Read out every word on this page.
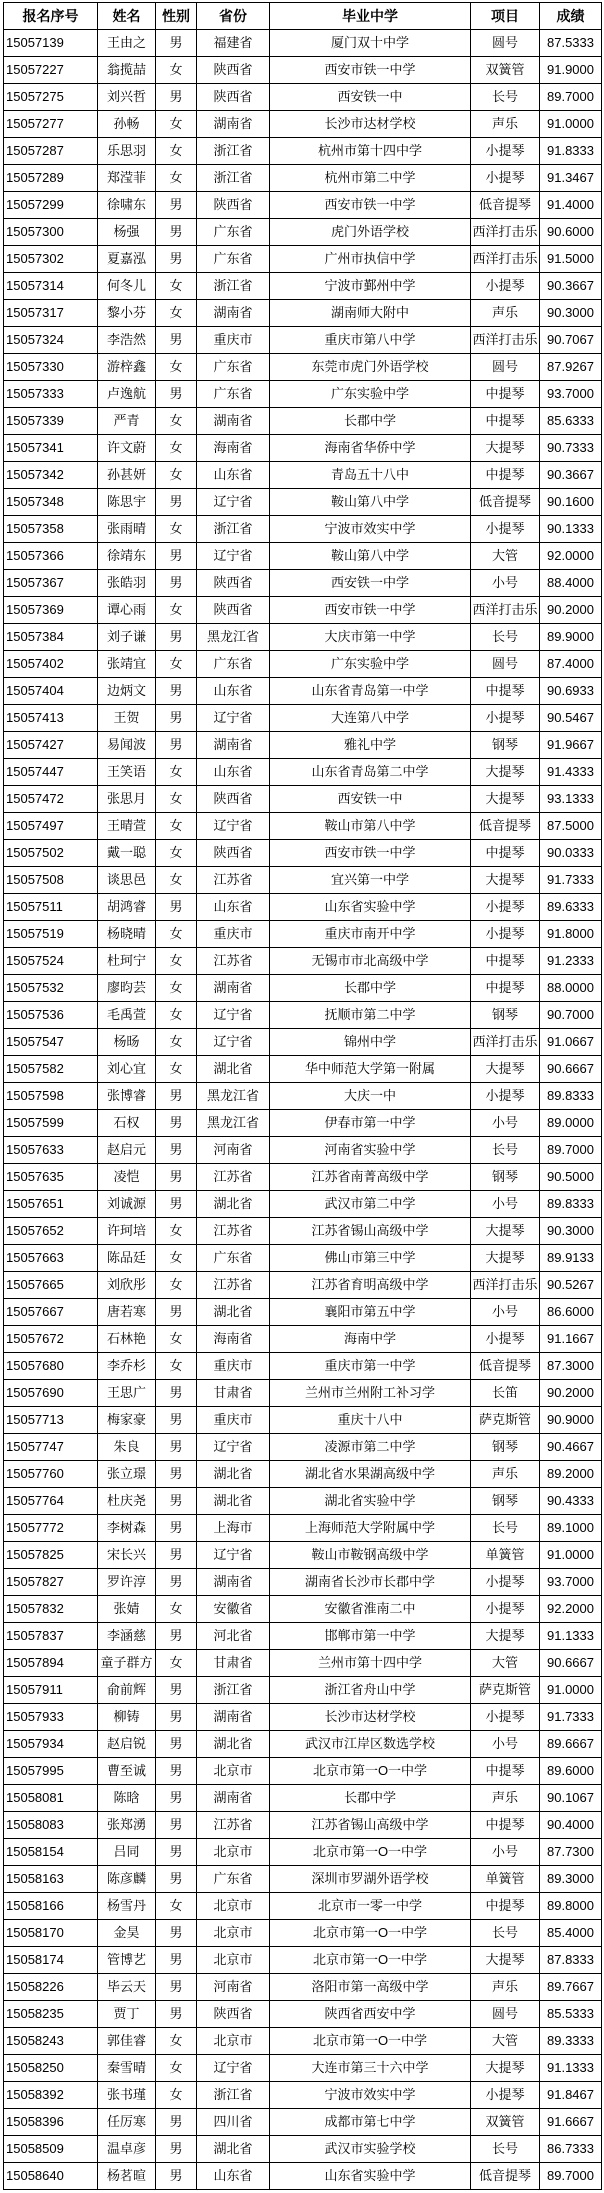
报名序号	姓名	性别	省份	毕业中学	项目	成绩
15057139	王由之	男	福建省	厦门双十中学	圆号	87.5333
15057227	翁揽喆	女	陕西省	西安市铁一中学	双簧管	91.9000
15057275	刘兴哲	男	陕西省	西安铁一中	长号	89.7000
15057277	孙畅	女	湖南省	长沙市达材学校	声乐	91.0000
15057287	乐思羽	女	浙江省	杭州市第十四中学	小提琴	91.8333
15057289	郑滢菲	女	浙江省	杭州市第二中学	小提琴	91.3467
15057299	徐啸东	男	陕西省	西安市铁一中学	低音提琴	91.4000
15057300	杨强	男	广东省	虎门外语学校	西洋打击乐	90.6000
15057302	夏嘉泓	男	广东省	广州市执信中学	西洋打击乐	91.5000
15057314	何冬儿	女	浙江省	宁波市鄞州中学	小提琴	90.3667
15057317	黎小芬	女	湖南省	湖南师大附中	声乐	90.3000
15057324	李浩然	男	重庆市	重庆市第八中学	西洋打击乐	90.7067
15057330	游梓鑫	女	广东省	东莞市虎门外语学校	圆号	87.9267
15057333	卢逸航	男	广东省	广东实验中学	中提琴	93.7000
15057339	严青	女	湖南省	长郡中学	中提琴	85.6333
15057341	许文蔚	女	海南省	海南省华侨中学	大提琴	90.7333
15057342	孙甚妍	女	山东省	青岛五十八中	中提琴	90.3667
15057348	陈思宇	男	辽宁省	鞍山第八中学	低音提琴	90.1600
15057358	张雨晴	女	浙江省	宁波市效实中学	小提琴	90.1333
15057366	徐靖东	男	辽宁省	鞍山第八中学	大管	92.0000
15057367	张皓羽	男	陕西省	西安铁一中学	小号	88.4000
15057369	谭心雨	女	陕西省	西安市铁一中学	西洋打击乐	90.2000
15057384	刘子谦	男	黑龙江省	大庆市第一中学	长号	89.9000
15057402	张靖宜	女	广东省	广东实验中学	圆号	87.4000
15057404	边炳文	男	山东省	山东省青岛第一中学	中提琴	90.6933
15057413	王贺	男	辽宁省	大连第八中学	小提琴	90.5467
15057427	易闻波	男	湖南省	雅礼中学	钢琴	91.9667
15057447	王笑语	女	山东省	山东省青岛第二中学	大提琴	91.4333
15057472	张思月	女	陕西省	西安铁一中	大提琴	93.1333
15057497	王晴萱	女	辽宁省	鞍山市第八中学	低音提琴	87.5000
15057502	戴一聪	女	陕西省	西安市铁一中学	中提琴	90.0333
15057508	谈思邑	女	江苏省	宜兴第一中学	大提琴	91.7333
15057511	胡鸿睿	男	山东省	山东省实验中学	小提琴	89.6333
15057519	杨晓晴	女	重庆市	重庆市南开中学	小提琴	91.8000
15057524	杜珂宁	女	江苏省	无锡市市北高级中学	中提琴	91.2333
15057532	廖昀芸	女	湖南省	长郡中学	中提琴	88.0000
15057536	毛禹萱	女	辽宁省	抚顺市第二中学	钢琴	90.7000
15057547	杨旸	女	辽宁省	锦州中学	西洋打击乐	91.0667
15057582	刘心宜	女	湖北省	华中师范大学第一附属	大提琴	90.6667
15057598	张博睿	男	黑龙江省	大庆一中	小提琴	89.8333
15057599	石权	男	黑龙江省	伊春市第一中学	小号	89.0000
15057633	赵启元	男	河南省	河南省实验中学	长号	89.7000
15057635	凌恺	男	江苏省	江苏省南菁高级中学	钢琴	90.5000
15057651	刘诚源	男	湖北省	武汉市第二中学	小号	89.8333
15057652	许珂培	女	江苏省	江苏省锡山高级中学	大提琴	90.3000
15057663	陈品廷	女	广东省	佛山市第三中学	大提琴	89.9133
15057665	刘欣彤	女	江苏省	江苏省育明高级中学	西洋打击乐	90.5267
15057667	唐若寒	男	湖北省	襄阳市第五中学	小号	86.6000
15057672	石林艳	女	海南省	海南中学	小提琴	91.1667
15057680	李乔杉	女	重庆市	重庆市第一中学	低音提琴	87.3000
15057690	王思广	男	甘肃省	兰州市兰州附工补习学	长笛	90.2000
15057713	梅家豪	男	重庆市	重庆十八中	萨克斯管	90.9000
15057747	朱良	男	辽宁省	凌源市第二中学	钢琴	90.4667
15057760	张立璟	男	湖北省	湖北省水果湖高级中学	声乐	89.2000
15057764	杜庆尧	男	湖北省	湖北省实验中学	钢琴	90.4333
15057772	李树森	男	上海市	上海师范大学附属中学	长号	89.1000
15057825	宋长兴	男	辽宁省	鞍山市鞍钢高级中学	单簧管	91.0000
15057827	罗许淳	男	湖南省	湖南省长沙市长郡中学	小提琴	93.7000
15057832	张婧	女	安徽省	安徽省淮南二中	小提琴	92.2000
15057837	李涵慈	男	河北省	邯郸市第一中学	大提琴	91.1333
15057894	童子群方	女	甘肃省	兰州市第十四中学	大管	90.6667
15057911	俞前辉	男	浙江省	浙江省舟山中学	萨克斯管	91.0000
15057933	柳铸	男	湖南省	长沙市达材学校	小提琴	91.7333
15057934	赵启锐	男	湖北省	武汉市江岸区数选学校	小号	89.6667
15057995	曹至诚	男	北京市	北京市第一O一中学	中提琴	89.6000
15058081	陈晗	男	湖南省	长郡中学	声乐	90.1067
15058083	张郑湧	男	江苏省	江苏省锡山高级中学	中提琴	90.4000
15058154	吕同	男	北京市	北京市第一O一中学	小号	87.7300
15058163	陈彦麟	男	广东省	深圳市罗湖外语学校	单簧管	89.3000
15058166	杨雪丹	女	北京市	北京市一零一中学	中提琴	89.8000
15058170	金昊	男	北京市	北京市第一O一中学	长号	85.4000
15058174	管博艺	男	北京市	北京市第一O一中学	大提琴	87.8333
15058226	毕云天	男	河南省	洛阳市第一高级中学	声乐	89.7667
15058235	贾丁	男	陕西省	陕西省西安中学	圆号	85.5333
15058243	郭佳睿	女	北京市	北京市第一O一中学	大管	89.3333
15058250	秦雪晴	女	辽宁省	大连市第三十六中学	大提琴	91.1333
15058392	张书瑾	女	浙江省	宁波市效实中学	小提琴	91.8467
15058396	任厉寒	男	四川省	成都市第七中学	双簧管	91.6667
15058509	温卓彦	男	湖北省	武汉市实验学校	长号	86.7333
15058640	杨茗暄	男	山东省	山东省实验中学	低音提琴	89.7000
